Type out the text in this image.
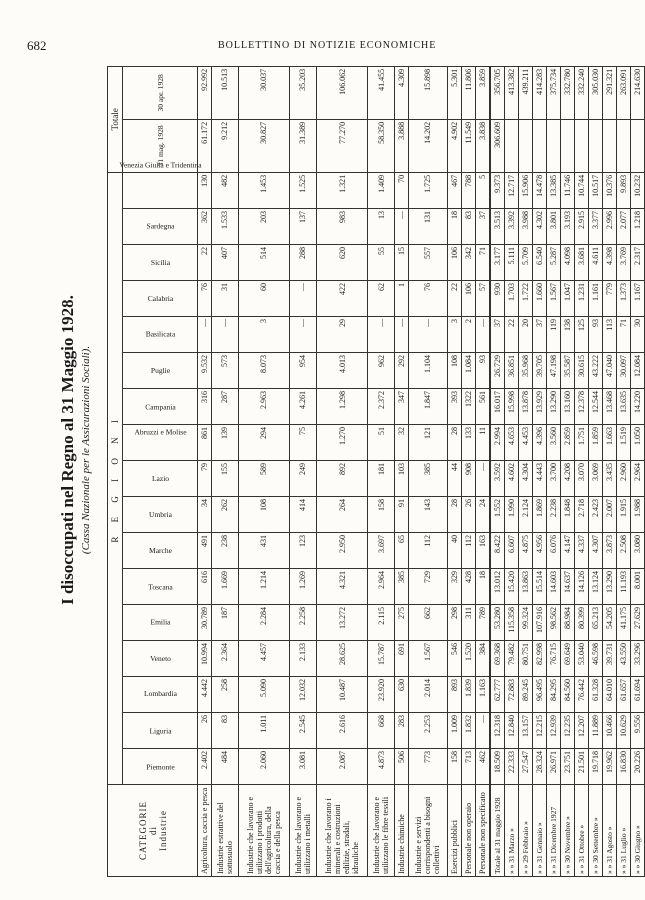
682	BOLLETTINO DI NOTIZIE ECONOMICHE
I disoccupati nel Regno al 31 Maggio 1928. (Cassa Nazionale per le Assicurazioni Sociali).
CATEGORIE di Industrie	R E G I O N I																	Totale	
	Piemonte	Liguria	Lombardia	Veneto	Emilia	Toscana	Marche	Umbria	Lazio	Abruzzi e Molise	Campania	Puglie	Basilicata	Calabria	Sicilia	Sardegna	Venezia Giulia e Tridentina	31 mag. 1928	30 apr. 1928

Agricoltura, caccia e pesca	2.402	26	4.442	10.994	30.789	616	491	34	79	861	316	9.532	—	76	22	362	130	61.172	92.992
Industrie estrattive del sottosuolo	484	83	258	2.364	187	1.669	238	262	155	139	287	573	—	31	407	1.533	482	9.212	10.513
Industrie che lavorano e utilizzano i prodotti dell'agricoltura, della caccia e della pesca	2.060	1.011	5.090	4.457	2.284	1.214	431	108	589	294	2.963	8.073	3	60	514	203	1.453	30.827	30.037
Industrie che lavorano e utilizzano i metalli	3.081	2.545	12.032	2.133	2.258	1.269	123	414	249	75	4.261	954	—	—	288	137	1.525	31.389	35.203
Industrie che lavorano i minerali e costruzioni edilizie, stradali, idrauliche	2.087	2.616	10.487	28.625	13.272	4.321	2.950	264	892	1.270	1.298	4.013	29	422	620	983	1.321	77.270	106.062
Industrie che lavorano e utilizzano le fibre tessili	4.873	668	23.920	15.787	2.115	2.964	3.697	158	181	51	2.372	962	—	62	55	13	1.409	58.350	41.455
Industrie chimiche	506	283	630	691	275	385	65	91	103	32	347	292	—	1	15	—	70	3.888	4.309
Industrie e servizi corrispondenti a bisogni collettivi	773	2.253	2.014	1.567	662	729	112	143	385	121	1.847	1.104	—	76	557	131	1.725	14.202	15.898
Esercizi pubblici	158	1.009	893	546	298	329	40	28	44	28	393	108	3	22	106	18	467	4.902	5.301
Personale non operaio	713	1.832	1.839	1.520	311	428	112	26	908	133	1322	1.084	2	106	342	83	788	11.549	11.806
Personale non specificato	462	—	1.163	384	789	18	163	24	—	11	561	93	—	57	71	37	5	3.838	3.859
Totale al 31 maggio 1928	18.509	12.318	62.777	69.368	53.280	13.012	8.422	1.552	3.592	2.994	16.017	26.729	37	930	3.177	3.513	9.373	306.609	356.705
» » 31 Marzo »	22.333	12.840	72.883	79.482	115.358	15.420	6.607	1.990	4.602	4.653	15.998	36.851	22	1.703	5.111	3.392	12.717		413.382
» » 29 Febbraio »	27.547	13.157	89.245	80.751	99.324	13.863	4.875	2.124	4.304	4.453	13.878	35.968	20	1.722	5.709	3.988	15.906		439.211
» » 31 Gennaio »	28.324	12.215	96.495	82.998	107.916	15.514	4.956	1.869	4.443	4.396	13.929	39.705	37	1.660	6.540	4.302	14.478		414.283
» » 31 Dicembre 1927	26.971	12.939	84.295	76.715	98.562	14.603	6.076	2.238	3.700	3.560	13.290	47.198	119	1.567	5.287	3.801	13.385		375.734
» » 30 Novembre »	23.751	12.235	84.560	69.649	88.984	14.637	4.147	1.848	4.208	2.859	13.160	35.587	138	1.047	4.098	3.193	11.746		332.780
» » 31 Ottobre »	21.501	12.207	76.442	53.040	80.399	14.126	4.337	2.718	3.070	1.751	12.378	30.615	125	1.231	3.681	2.915	10.744		332.240
» » 30 Settembre »	19.718	11.889	61.328	46.598	65.213	13.124	4.307	2.423	3.069	1.859	12.544	43.222	93	1.161	4.611	3.377	10.517		305.030
» » 31 Agosto »	19.962	10.466	64.010	39.731	54.205	13.290	3.873	2.007	3.435	1.663	13.468	47.040	113	779	4.398	2.996	10.376		291.321
» » 31 Luglio »	16.830	10.629	61.657	43.550	41.175	11.193	2.508	1.915	2.960	1.519	13.635	30.097	71	1.373	3.769	2.077	9.893		263.091
» » 30 Giugno »	20.226	9.556	61.694	33.296	27.629	8.001	3.080	1.988	2.964	1.050	14.220	12.084	30	1.167	2.317	1.218	10.232		214.630
